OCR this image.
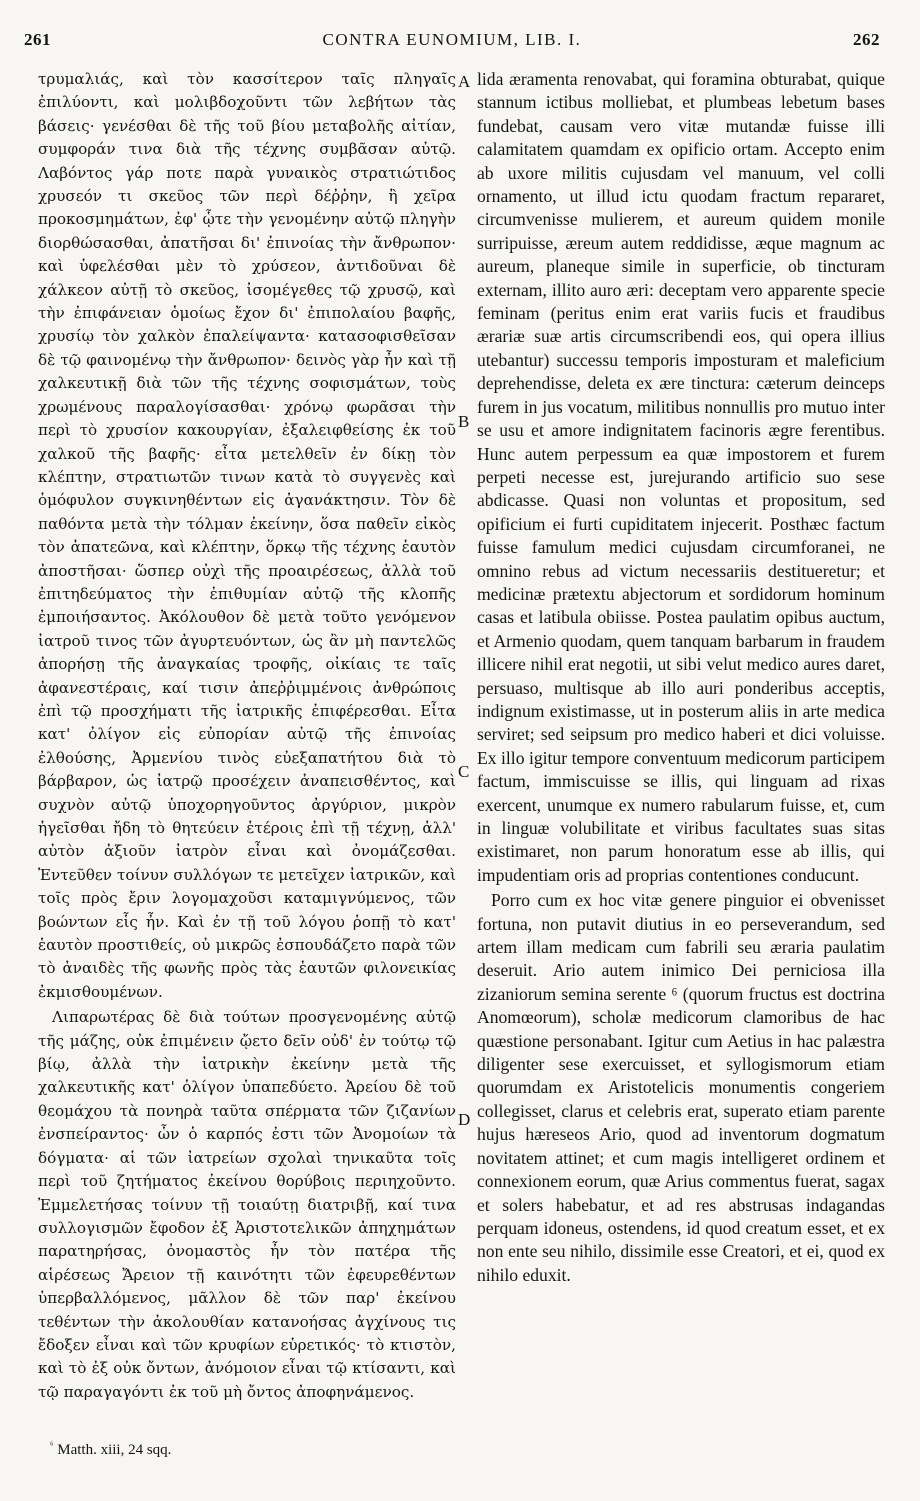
261	CONTRA EUNOMIUM, LIB. I.	262

τρυμαλιάς, καὶ τὸν κασσίτερον ταῖς πληγαῖς ἐπιλύοντι, καὶ μολιβδοχοῦντι τῶν λεβήτων τὰς βάσεις· γενέσθαι δὲ τῆς τοῦ βίου μεταβολῆς αἰτίαν, συμφοράν τινα διὰ τῆς τέχνης συμβᾶσαν αὐτῷ. Λαβόντος γάρ ποτε παρὰ γυναικὸς στρατιώτιδος χρυσεόν τι σκεῦος τῶν περὶ δέῤῥην, ἢ χεῖρα προκοσμημάτων, ἐφ' ᾧτε τὴν γενομένην αὐτῷ πληγὴν διορθώσασθαι, ἀπατῆσαι δι' ἐπινοίας τὴν ἄνθρωπον· καὶ ὑφελέσθαι μὲν τὸ χρύσεον, ἀντιδοῦναι δὲ χάλκεον αὐτῇ τὸ σκεῦος, ἰσομέγεθες τῷ χρυσῷ, καὶ τὴν ἐπιφάνειαν ὁμοίως ἔχον δι' ἐπιπολαίου βαφῆς, χρυσίῳ τὸν χαλκὸν ἐπαλείψαντα· κατασοφισθεῖσαν δὲ τῷ φαινομένῳ τὴν ἄνθρωπον· δεινὸς γὰρ ἦν καὶ τῇ χαλκευτικῇ διὰ τῶν τῆς τέχνης σοφισμάτων, τοὺς χρωμένους παραλογίσασθαι· χρόνῳ φωρᾶσαι τὴν περὶ τὸ χρυσίον κακουργίαν, ἐξαλειφθείσης ἐκ τοῦ χαλκοῦ τῆς βαφῆς· εἶτα μετελθεῖν ἐν δίκῃ τὸν κλέπτην, στρατιωτῶν τινων κατὰ τὸ συγγενὲς καὶ ὁμόφυλον συγκινηθέντων εἰς ἀγανάκτησιν. Τὸν δὲ παθόντα μετὰ τὴν τόλμαν ἐκείνην, ὅσα παθεῖν εἰκὸς τὸν ἀπατεῶνα, καὶ κλέπτην, ὅρκῳ τῆς τέχνης ἑαυτὸν ἀποστῆσαι· ὥσπερ οὐχὶ τῆς προαιρέσεως, ἀλλὰ τοῦ ἐπιτηδεύματος τὴν ἐπιθυμίαν αὐτῷ τῆς κλοπῆς ἐμποιήσαντος. Ἀκόλουθον δὲ μετὰ τοῦτο γενόμενον ἰατροῦ τινος τῶν ἀγυρτευόντων, ὡς ἂν μὴ παντελῶς ἀπορήσῃ τῆς ἀναγκαίας τροφῆς, οἰκίαις τε ταῖς ἀφανεστέραις, καί τισιν ἀπεῤῥιμμένοις ἀνθρώποις ἐπὶ τῷ προσχήματι τῆς ἰατρικῆς ἐπιφέρεσθαι. Εἶτα κατ' ὀλίγον εἰς εὐπορίαν αὐτῷ τῆς ἐπινοίας ἐλθούσης, Ἀρμενίου τινὸς εὐεξαπατήτου διὰ τὸ βάρβαρον, ὡς ἰατρῷ προσέχειν ἀναπεισθέντος, καὶ συχνὸν αὐτῷ ὑποχορηγοῦντος ἀργύριον, μικρὸν ἡγεῖσθαι ἤδη τὸ θητεύειν ἑτέροις ἐπὶ τῇ τέχνῃ, ἀλλ' αὐτὸν ἀξιοῦν ἰατρὸν εἶναι καὶ ὀνομάζεσθαι. Ἐντεῦθεν τοίνυν συλλόγων τε μετεῖχεν ἰατρικῶν, καὶ τοῖς πρὸς ἔριν λογομαχοῦσι καταμιγνύμενος, τῶν βοώντων εἷς ἦν. Καὶ ἐν τῇ τοῦ λόγου ῥοπῇ τὸ κατ' ἑαυτὸν προστιθείς, οὐ μικρῶς ἐσπουδάζετο παρὰ τῶν τὸ ἀναιδὲς τῆς φωνῆς πρὸς τὰς ἑαυτῶν φιλονεικίας ἐκμισθουμένων.

Λιπαρωτέρας δὲ διὰ τούτων προσγενομένης αὐτῷ τῆς μάζης, οὐκ ἐπιμένειν ᾤετο δεῖν οὐδ' ἐν τούτῳ τῷ βίῳ, ἀλλὰ τὴν ἰατρικὴν ἐκείνην μετὰ τῆς χαλκευτικῆς κατ' ὀλίγον ὑπαπεδύετο. Ἀρείου δὲ τοῦ θεομάχου τὰ πονηρὰ ταῦτα σπέρματα τῶν ζιζανίων ἐνσπείραντος· ὧν ὁ καρπός ἐστι τῶν Ἀνομοίων τὰ δόγματα· αἱ τῶν ἰατρείων σχολαὶ τηνικαῦτα τοῖς περὶ τοῦ ζητήματος ἐκείνου θορύβοις περιηχοῦντο. Ἐμμελετήσας τοίνυν τῇ τοιαύτῃ διατριβῇ, καί τινα συλλογισμῶν ἔφοδον ἐξ Ἀριστοτελικῶν ἀπηχημάτων παρατηρήσας, ὀνομαστὸς ἦν τὸν πατέρα τῆς αἱρέσεως Ἄρειον τῇ καινότητι τῶν ἐφευρεθέντων ὑπερβαλλόμενος, μᾶλλον δὲ τῶν παρ' ἐκείνου τεθέντων τὴν ἀκολουθίαν κατανοήσας ἀγχίνους τις ἔδοξεν εἶναι καὶ τῶν κρυφίων εὑρετικός· τὸ κτιστὸν, καὶ τὸ ἐξ οὐκ ὄντων, ἀνόμοιον εἶναι τῷ κτίσαντι, καὶ τῷ παραγαγόντι ἐκ τοῦ μὴ ὄντος ἀποφηνάμενος.

A
B
C
D

lida æramenta renovabat, qui foramina obturabat, quique stannum ictibus molliebat, et plumbeas lebetum bases fundebat, causam vero vitæ mutandæ fuisse illi calamitatem quamdam ex opificio ortam. Accepto enim ab uxore militis cujusdam vel manuum, vel colli ornamento, ut illud ictu quodam fractum repararet, circumvenisse mulierem, et aureum quidem monile surripuisse, æreum autem reddidisse, æque magnum ac aureum, planeque simile in superficie, ob tincturam externam, illito auro æri: deceptam vero apparente specie feminam (peritus enim erat variis fucis et fraudibus ærariæ suæ artis circumscribendi eos, qui opera illius utebantur) successu temporis imposturam et maleficium deprehendisse, deleta ex ære tinctura: cæterum deinceps furem in jus vocatum, militibus nonnullis pro mutuo inter se usu et amore indignitatem facinoris ægre ferentibus. Hunc autem perpessum ea quæ impostorem et furem perpeti necesse est, jurejurando artificio suo sese abdicasse. Quasi non voluntas et propositum, sed opificium ei furti cupiditatem injecerit. Posthæc factum fuisse famulum medici cujusdam circumforanei, ne omnino rebus ad victum necessariis destitueretur; et medicinæ prætextu abjectorum et sordidorum hominum casas et latibula obiisse. Postea paulatim opibus auctum, et Armenio quodam, quem tanquam barbarum in fraudem illicere nihil erat negotii, ut sibi velut medico aures daret, persuaso, multisque ab illo auri ponderibus acceptis, indignum existimasse, ut in posterum aliis in arte medica serviret; sed seipsum pro medico haberi et dici voluisse. Ex illo igitur tempore conventuum medicorum participem factum, immiscuisse se illis, qui linguam ad rixas exercent, unumque ex numero rabularum fuisse, et, cum in linguæ volubilitate et viribus facultates suas sitas existimaret, non parum honoratum esse ab illis, qui impudentiam oris ad proprias contentiones conducunt.

Porro cum ex hoc vitæ genere pinguior ei obvenisset fortuna, non putavit diutius in eo perseverandum, sed artem illam medicam cum fabrili seu æraria paulatim deseruit. Ario autem inimico Dei perniciosa illa zizaniorum semina serente ⁶ (quorum fructus est doctrina Anomœorum), scholæ medicorum clamoribus de hac quæstione personabant. Igitur cum Aetius in hac palæstra diligenter sese exercuisset, et syllogismorum etiam quorumdam ex Aristotelicis monumentis congeriem collegisset, clarus et celebris erat, superato etiam parente hujus hæreseos Ario, quod ad inventorum dogmatum novitatem attinet; et cum magis intelligeret ordinem et connexionem eorum, quæ Arius commentus fuerat, sagax et solers habebatur, et ad res abstrusas indagandas perquam idoneus, ostendens, id quod creatum esset, et ex non ente seu nihilo, dissimile esse Creatori, et ei, quod ex nihilo eduxit.

$^{^6}$ Matth. xiii, 24 sqq.
